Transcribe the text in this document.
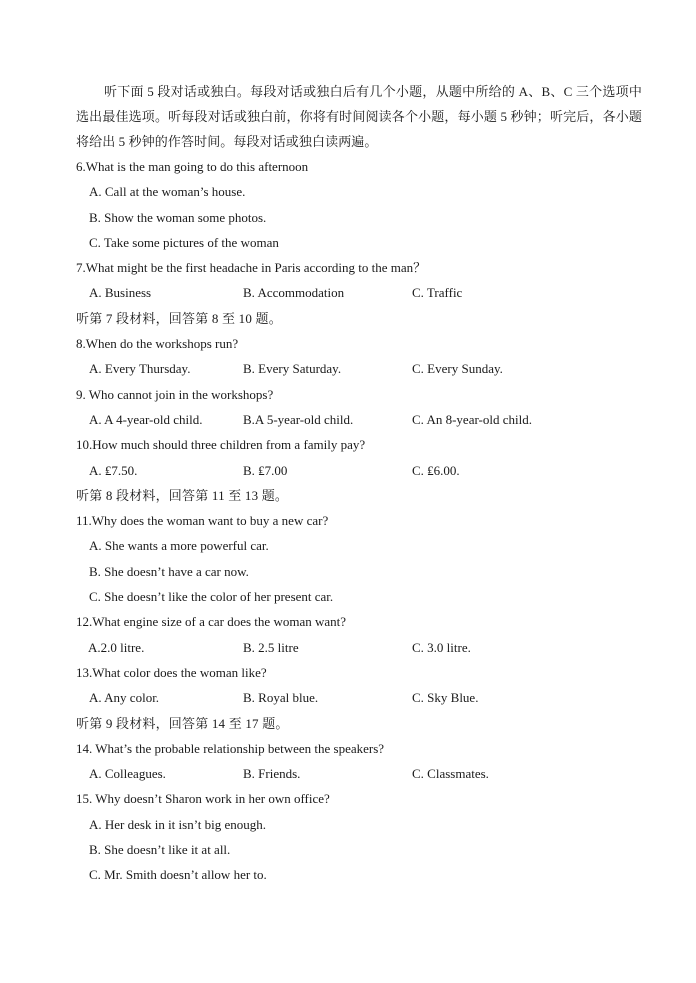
听下面 5 段对话或独白。每段对话或独白后有几个小题，从题中所给的 A、B、C 三个选项中选出最佳选项。听每段对话或独白前，你将有时间阅读各个小题，每小题 5 秒钟；听完后，各小题将给出 5 秒钟的作答时间。每段对话或独白读两遍。

6.What is the man going to do this afternoon
A. Call at the woman’s house.
B. Show the woman some photos.
C. Take some pictures of the woman
7.What might be the first headache in Paris according to the man？
A. Business	B. Accommodation	C. Traffic
听第 7 段材料，回答第 8 至 10 题。
8.When do the workshops run?
A. Every Thursday.	B. Every Saturday.	C. Every Sunday.
9. Who cannot join in the workshops?
A. A 4-year-old child.	B.A 5-year-old child.	C. An 8-year-old child.
10.How much should three children from a family pay?
A. ₤7.50.	B. ₤7.00	C. ₤6.00.
听第 8 段材料，回答第 11 至 13 题。
11.Why does the woman want to buy a new car?
A. She wants a more powerful car.
B. She doesn’t have a car now.
C. She doesn’t like the color of her present car.
12.What engine size of a car does the woman want?
A.2.0 litre.	B. 2.5 litre	C. 3.0 litre.
13.What color does the woman like?
A. Any color.	B. Royal blue.	C. Sky Blue.
听第 9 段材料，回答第 14 至 17 题。
14. What’s the probable relationship between the speakers?
A. Colleagues.	B. Friends.	C. Classmates.
15. Why doesn’t Sharon work in her own office?
A. Her desk in it isn’t big enough.
B. She doesn’t like it at all.
C. Mr. Smith doesn’t allow her to.
